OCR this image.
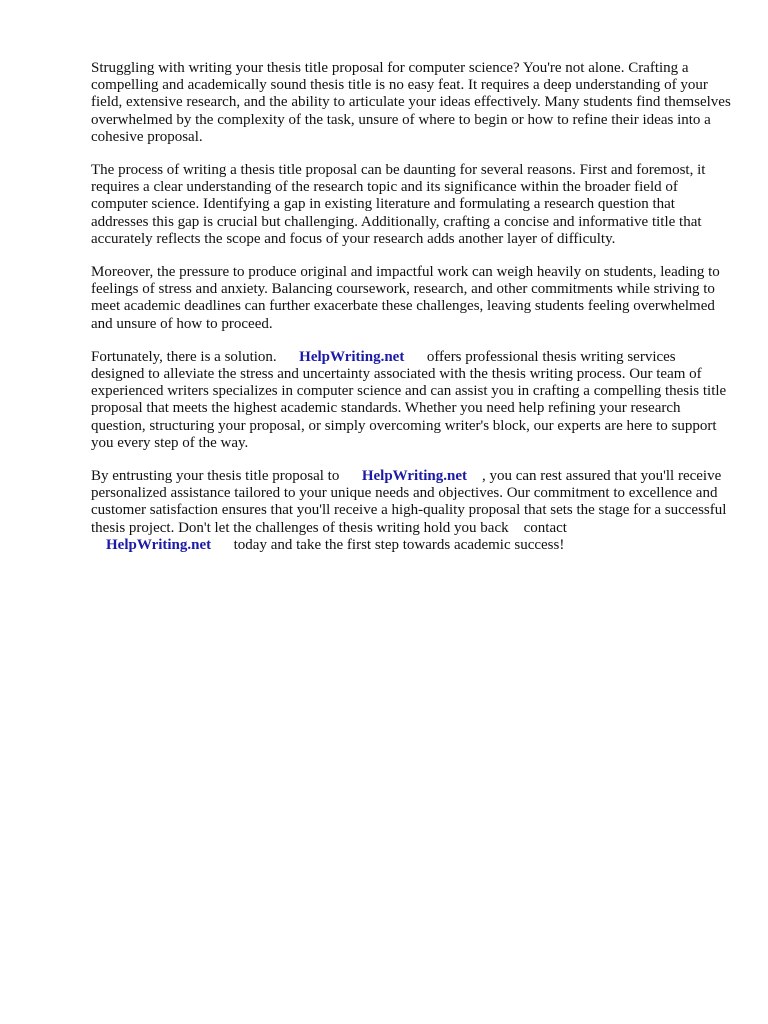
Struggling with writing your thesis title proposal for computer science? You're not alone. Crafting a compelling and academically sound thesis title is no easy feat. It requires a deep understanding of your field, extensive research, and the ability to articulate your ideas effectively. Many students find themselves overwhelmed by the complexity of the task, unsure of where to begin or how to refine their ideas into a cohesive proposal.

The process of writing a thesis title proposal can be daunting for several reasons. First and foremost, it requires a clear understanding of the research topic and its significance within the broader field of computer science. Identifying a gap in existing literature and formulating a research question that addresses this gap is crucial but challenging. Additionally, crafting a concise and informative title that accurately reflects the scope and focus of your research adds another layer of difficulty.

Moreover, the pressure to produce original and impactful work can weigh heavily on students, leading to feelings of stress and anxiety. Balancing coursework, research, and other commitments while striving to meet academic deadlines can further exacerbate these challenges, leaving students feeling overwhelmed and unsure of how to proceed.

Fortunately, there is a solution. HelpWriting.net offers professional thesis writing services designed to alleviate the stress and uncertainty associated with the thesis writing process. Our team of experienced writers specializes in computer science and can assist you in crafting a compelling thesis title proposal that meets the highest academic standards. Whether you need help refining your research question, structuring your proposal, or simply overcoming writer's block, our experts are here to support you every step of the way.

By entrusting your thesis title proposal to HelpWriting.net , you can rest assured that you'll receive personalized assistance tailored to your unique needs and objectives. Our commitment to excellence and customer satisfaction ensures that you'll receive a high-quality proposal that sets the stage for a successful thesis project. Don't let the challenges of thesis writing hold you back contact
HelpWriting.net today and take the first step towards academic success!
